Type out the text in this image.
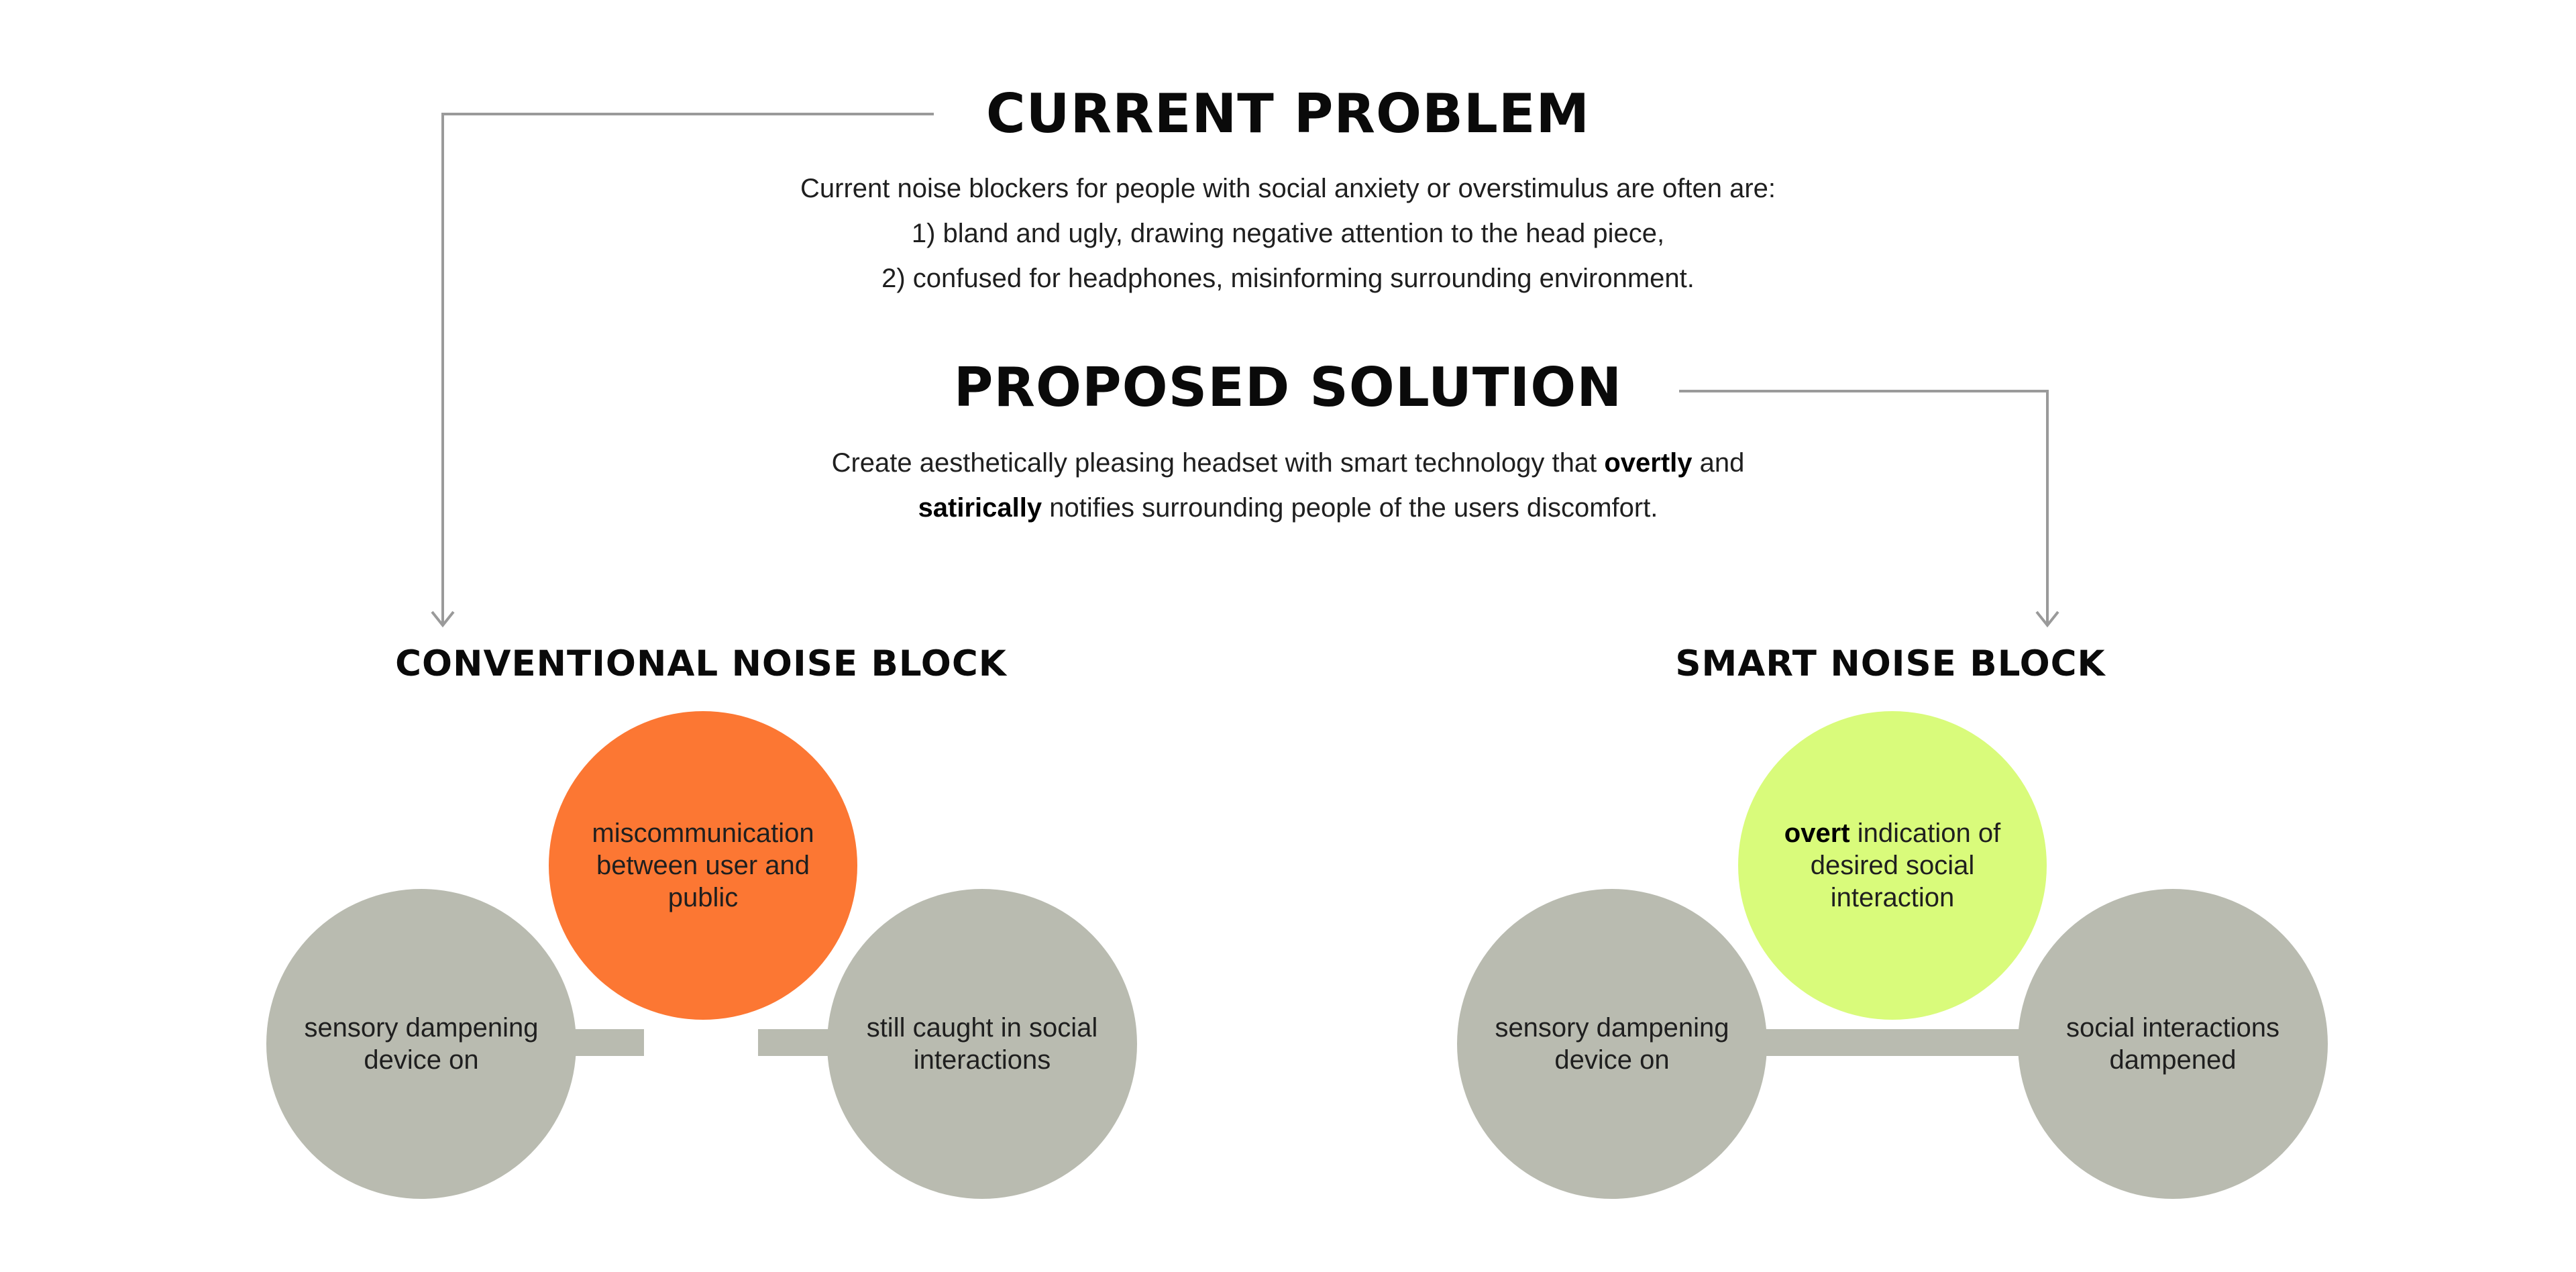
CURRENT PROBLEM
Current noise blockers for people with social anxiety or overstimulus are often are:
1) bland and ugly, drawing negative attention to the head piece,
2) confused for headphones, misinforming surrounding environment.
PROPOSED SOLUTION
Create aesthetically pleasing headset with smart technology that overtly and
satirically notifies surrounding people of the users discomfort.
CONVENTIONAL NOISE BLOCK
miscommunication between user and public
sensory dampening device on
still caught in social interactions
SMART NOISE BLOCK
overt indication of desired social interaction
sensory dampening device on
social interactions dampened
